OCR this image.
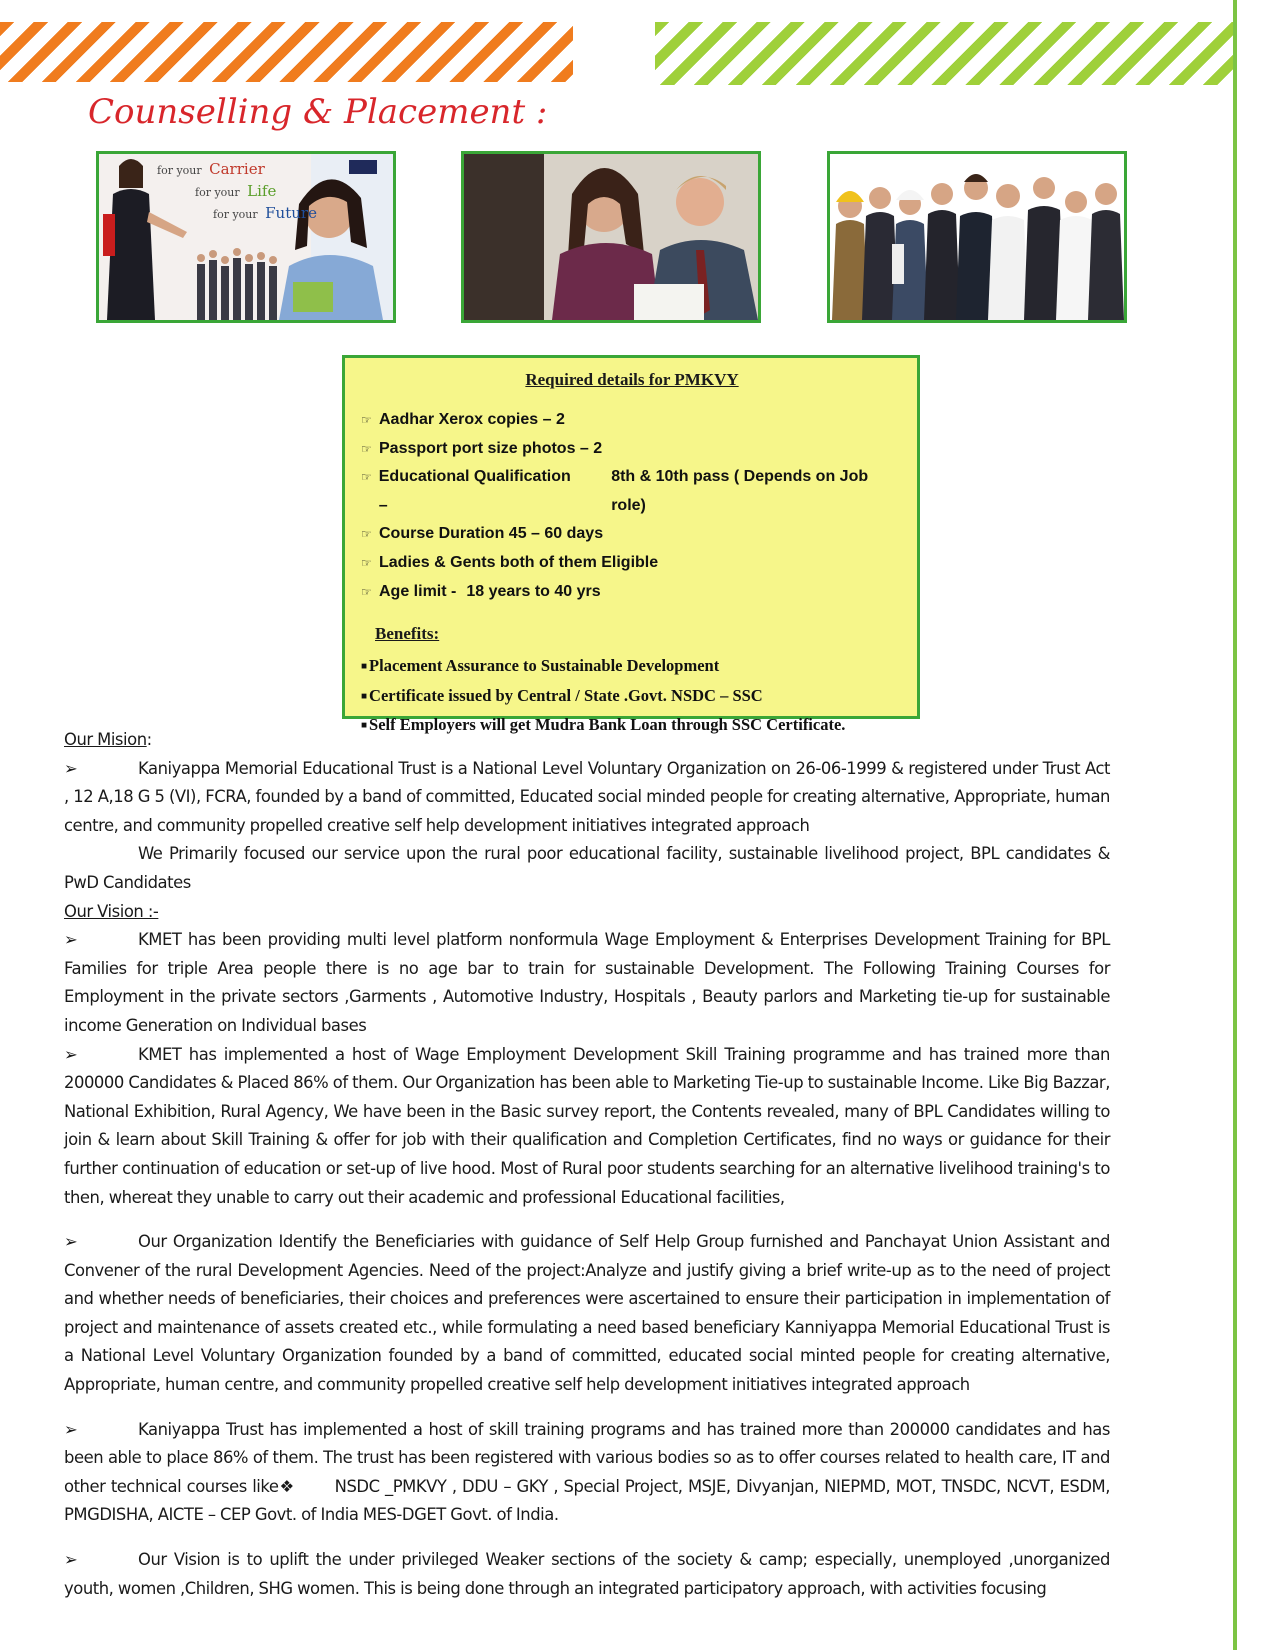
Counselling & Placement :
for your Carrier
for your Life
for your Future
Required details for PMKVY
☞ Aadhar Xerox copies – 2
☞ Passport port size photos – 2
☞ Educational Qualification –
8th & 10th pass ( Depends on Job role)
☞ Course Duration 45 – 60 days
☞ Ladies & Gents both of them Eligible
☞ Age limit - 18 years to 40 yrs
Benefits:
■ Placement Assurance to Sustainable Development
■ Certificate issued by Central / State .Govt. NSDC – SSC
■ Self Employers will get Mudra Bank Loan through SSC Certificate.

Our Mision:

➢	Kaniyappa Memorial Educational Trust is a National Level Voluntary Organization on 26-06-1999 & registered under Trust Act , 12 A,18 G 5 (VI), FCRA, founded by a band of committed, Educated social minded people for creating alternative, Appropriate, human centre, and community propelled creative self help development initiatives integrated approach

We Primarily focused our service upon the rural poor educational facility, sustainable livelihood project, BPL candidates & PwD Candidates

Our Vision :-

➢	KMET has been providing multi level platform nonformula Wage Employment & Enterprises Development Training for BPL Families for triple Area people there is no age bar to train for sustainable Development. The Following Training Courses for Employment in the private sectors ,Garments , Automotive Industry, Hospitals , Beauty parlors and Marketing tie-up for sustainable income Generation on Individual bases

➢	KMET has implemented a host of Wage Employment Development Skill Training programme and has trained more than 200000 Candidates & Placed 86% of them. Our Organization has been able to Marketing Tie-up to sustainable Income. Like Big Bazzar, National Exhibition, Rural Agency, We have been in the Basic survey report, the Contents revealed, many of BPL Candidates willing to join & learn about Skill Training & offer for job with their qualification and Completion Certificates, find no ways or guidance for their further continuation of education or set-up of live hood. Most of Rural poor students searching for an alternative livelihood training's to then, whereat they unable to carry out their academic and professional Educational facilities,

➢	Our Organization Identify the Beneficiaries with guidance of Self Help Group furnished and Panchayat Union Assistant and Convener of the rural Development Agencies. Need of the project:Analyze and justify giving a brief write-up as to the need of project and whether needs of beneficiaries, their choices and preferences were ascertained to ensure their participation in implementation of project and maintenance of assets created etc., while formulating a need based beneficiary Kanniyappa Memorial Educational Trust is a National Level Voluntary Organization founded by a band of committed, educated social minted people for creating alternative, Appropriate, human centre, and community propelled creative self help development initiatives integrated approach

➢	Kaniyappa Trust has implemented a host of skill training programs and has trained more than 200000 candidates and has been able to place 86% of them. The trust has been registered with various bodies so as to offer courses related to health care, IT and other technical courses like❖ NSDC _PMKVY , DDU – GKY , Special Project, MSJE, Divyanjan, NIEPMD, MOT, TNSDC, NCVT, ESDM, PMGDISHA, AICTE – CEP Govt. of India MES-DGET Govt. of India.

➢	Our Vision is to uplift the under privileged Weaker sections of the society & camp; especially, unemployed ,unorganized youth, women ,Children, SHG women. This is being done through an integrated participatory approach, with activities focusing
